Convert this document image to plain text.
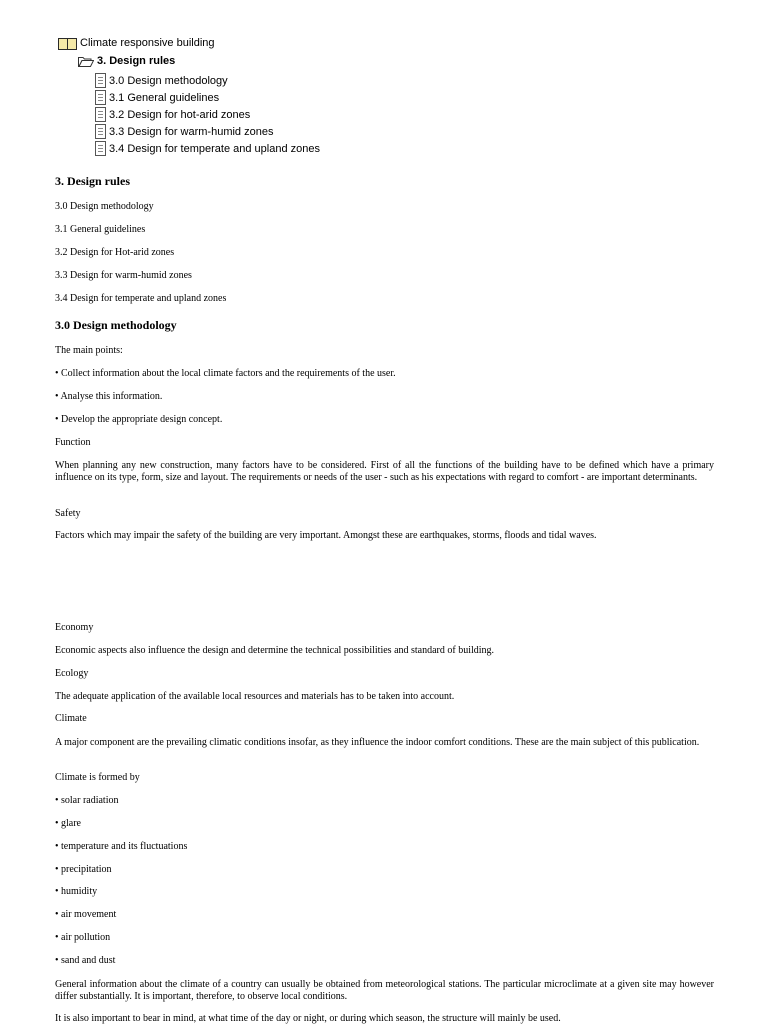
Climate responsive building
3. Design rules
3.0 Design methodology
3.1 General guidelines
3.2 Design for hot-arid zones
3.3 Design for warm-humid zones
3.4 Design for temperate and upland zones
3. Design rules
3.0 Design methodology
3.1 General guidelines
3.2 Design for Hot-arid zones
3.3 Design for warm-humid zones
3.4 Design for temperate and upland zones
3.0 Design methodology
The main points:
• Collect information about the local climate factors and the requirements of the user.
• Analyse this information.
• Develop the appropriate design concept.
Function
When planning any new construction, many factors have to be considered. First of all the functions of the building have to be defined which have a primary influence on its type, form, size and layout. The requirements or needs of the user - such as his expectations with regard to comfort - are important determinants.
Safety
Factors which may impair the safety of the building are very important. Amongst these are earthquakes, storms, floods and tidal waves.
Economy
Economic aspects also influence the design and determine the technical possibilities and standard of building.
Ecology
The adequate application of the available local resources and materials has to be taken into account.
Climate
A major component are the prevailing climatic conditions insofar, as they influence the indoor comfort conditions. These are the main subject of this publication.
Climate is formed by
• solar radiation
• glare
• temperature and its fluctuations
• precipitation
• humidity
• air movement
• air pollution
• sand and dust
General information about the climate of a country can usually be obtained from meteorological stations. The particular microclimate at a given site may however differ substantially. It is important, therefore, to observe local conditions.
It is also important to bear in mind, at what time of the day or night, or during which season, the structure will mainly be used.
